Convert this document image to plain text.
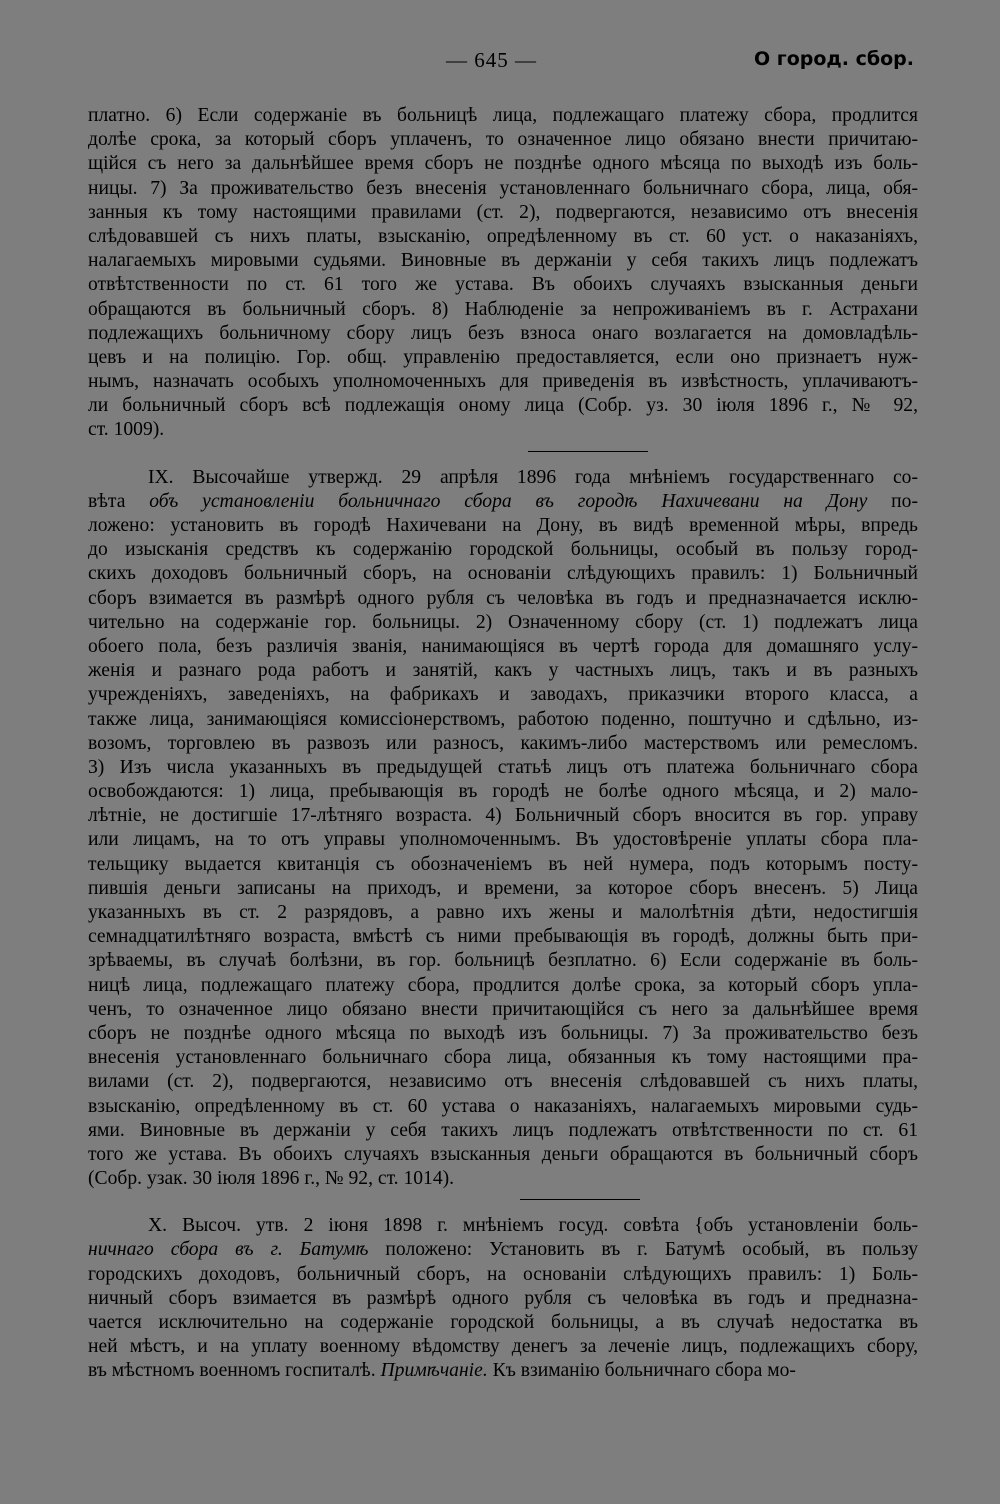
— 645 —	О город. сбор.
платно. 6) Если содержаніе въ больницѣ лица, подлежащаго платежу сбора, продлится
долѣе срока, за который сборъ уплаченъ, то означенное лицо обязано внести причитаю-
щійся съ него за дальнѣйшее время сборъ не позднѣе одного мѣсяца по выходѣ изъ боль-
ницы. 7) За проживательство безъ внесенія установленнаго больничнаго сбора, лица, обя-
занныя къ тому настоящими правилами (ст. 2), подвергаются, независимо отъ внесенія
слѣдовавшей съ нихъ платы, взысканію, опредѣленному въ ст. 60 уст. о наказаніяхъ,
налагаемыхъ мировыми судьями. Виновные въ держаніи у себя такихъ лицъ подлежатъ
отвѣтственности по ст. 61 того же устава. Въ обоихъ случаяхъ взысканныя деньги
обращаются въ больничный сборъ. 8) Наблюденіе за непроживаніемъ въ г. Астрахани
подлежащихъ больничному сбору лицъ безъ взноса онаго возлагается на домовладѣль-
цевъ и на полицію. Гор. общ. управленію предоставляется, если оно признаетъ нуж-
нымъ, назначать особыхъ уполномоченныхъ для приведенія въ извѣстность, уплачиваютъ-
ли больничный сборъ всѣ подлежащія оному лица (Собр. уз. 30 іюля 1896 г., № 92,
ст. 1009).
IX. Высочайше утвержд. 29 апрѣля 1896 года мнѣніемъ государственнаго со-
вѣта объ установленіи больничнаго сбора въ городѣ Нахичевани на Дону по-
ложено: установить въ городѣ Нахичевани на Дону, въ видѣ временной мѣры, впредь
до изысканія средствъ къ содержанію городской больницы, особый въ пользу город-
скихъ доходовъ больничный сборъ, на основаніи слѣдующихъ правилъ: 1) Больничный
сборъ взимается въ размѣрѣ одного рубля съ человѣка въ годъ и предназначается исклю-
чительно на содержаніе гор. больницы. 2) Означенному сбору (ст. 1) подлежатъ лица
обоего пола, безъ различія званія, нанимающіяся въ чертѣ города для домашняго услу-
женія и разнаго рода работъ и занятій, какъ у частныхъ лицъ, такъ и въ разныхъ
учрежденіяхъ, заведеніяхъ, на фабрикахъ и заводахъ, приказчики второго класса, а
также лица, занимающіяся комиссіонерствомъ, работою поденно, поштучно и сдѣльно, из-
возомъ, торговлею въ развозъ или разносъ, какимъ-либо мастерствомъ или ремесломъ.
3) Изъ числа указанныхъ въ предыдущей статьѣ лицъ отъ платежа больничнаго сбора
освобождаются: 1) лица, пребывающія въ городѣ не болѣе одного мѣсяца, и 2) мало-
лѣтніе, не достигшіе 17-лѣтняго возраста. 4) Больничный сборъ вносится въ гор. управу
или лицамъ, на то отъ управы уполномоченнымъ. Въ удостовѣреніе уплаты сбора пла-
тельщику выдается квитанція съ обозначеніемъ въ ней нумера, подъ которымъ посту-
пившія деньги записаны на приходъ, и времени, за которое сборъ внесенъ. 5) Лица
указанныхъ въ ст. 2 разрядовъ, а равно ихъ жены и малолѣтнія дѣти, недостигшія
семнадцатилѣтняго возраста, вмѣстѣ съ ними пребывающія въ городѣ, должны быть при-
зрѣваемы, въ случаѣ болѣзни, въ гор. больницѣ безплатно. 6) Если содержаніе въ боль-
ницѣ лица, подлежащаго платежу сбора, продлится долѣе срока, за который сборъ упла-
ченъ, то означенное лицо обязано внести причитающійся съ него за дальнѣйшее время
сборъ не позднѣе одного мѣсяца по выходѣ изъ больницы. 7) За проживательство безъ
внесенія установленнаго больничнаго сбора лица, обязанныя къ тому настоящими пра-
вилами (ст. 2), подвергаются, независимо отъ внесенія слѣдовавшей съ нихъ платы,
взысканію, опредѣленному въ ст. 60 устава о наказаніяхъ, налагаемыхъ мировыми судь-
ями. Виновные въ держаніи у себя такихъ лицъ подлежатъ отвѣтственности по ст. 61
того же устава. Въ обоихъ случаяхъ взысканныя деньги обращаются въ больничный сборъ
(Собр. узак. 30 іюля 1896 г., № 92, ст. 1014).
X. Высоч. утв. 2 іюня 1898 г. мнѣніемъ госуд. совѣта {объ установленіи боль-
ничнаго сбора въ г. Батумѣ положено: Установить въ г. Батумѣ особый, въ пользу
городскихъ доходовъ, больничный сборъ, на основаніи слѣдующихъ правилъ: 1) Боль-
ничный сборъ взимается въ размѣрѣ одного рубля съ человѣка въ годъ и предназна-
чается исключительно на содержаніе городской больницы, а въ случаѣ недостатка въ
ней мѣстъ, и на уплату военному вѣдомству денегъ за леченіе лицъ, подлежащихъ сбору,
въ мѣстномъ военномъ госпиталѣ. Примѣчаніе. Къ взиманію больничнаго сбора мо-
